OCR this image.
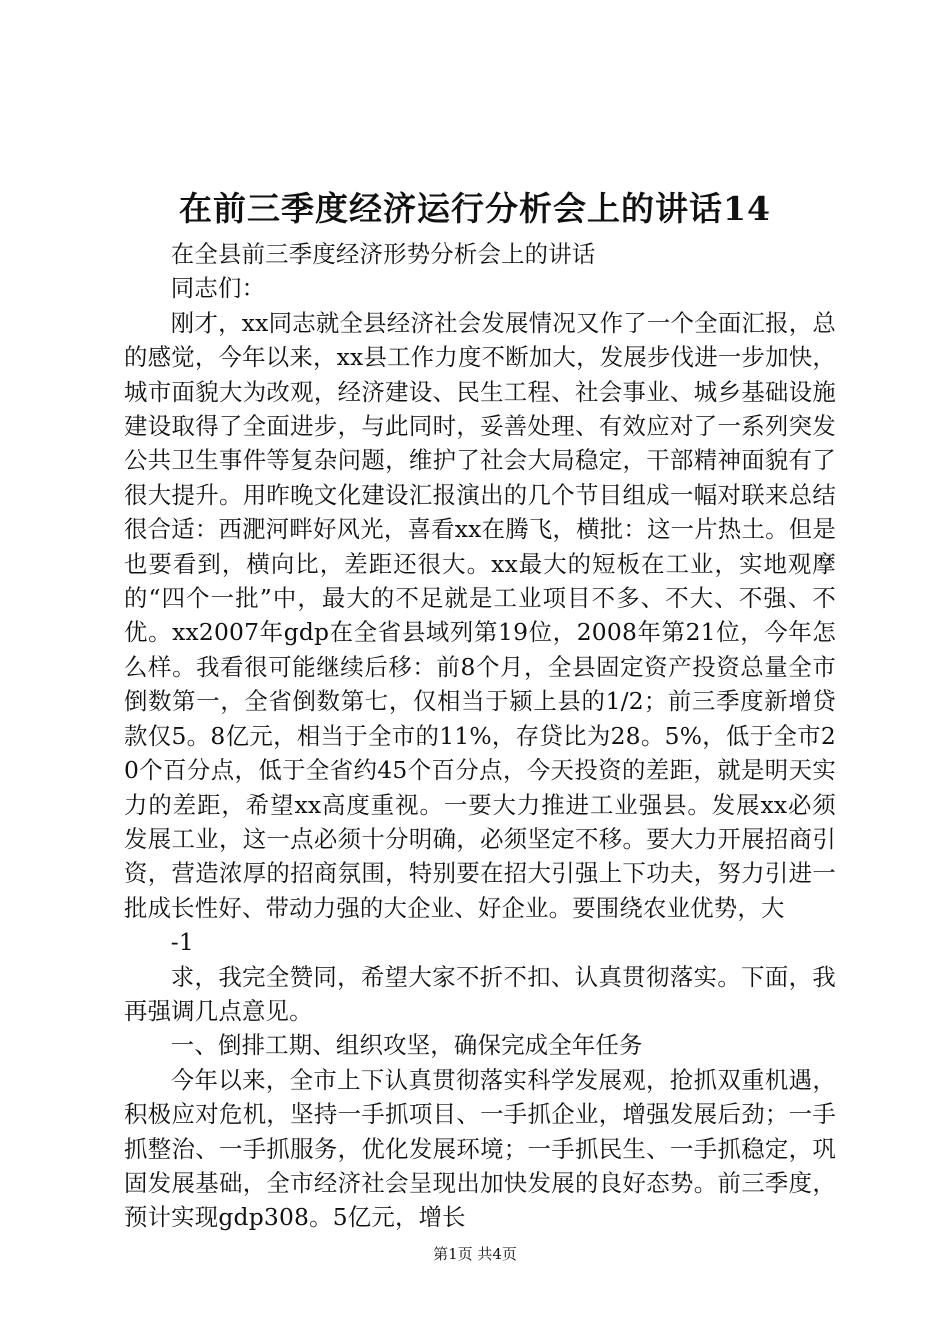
在前三季度经济运行分析会上的讲话14

在全县前三季度经济形势分析会上的讲话

同志们：

刚才，xx同志就全县经济社会发展情况又作了一个全面汇报，总的感觉，今年以来，xx县工作力度不断加大，发展步伐进一步加快，城市面貌大为改观，经济建设、民生工程、社会事业、城乡基础设施建设取得了全面进步，与此同时，妥善处理、有效应对了一系列突发公共卫生事件等复杂问题，维护了社会大局稳定，干部精神面貌有了很大提升。用昨晚文化建设汇报演出的几个节目组成一幅对联来总结很合适：西淝河畔好风光，喜看xx在腾飞，横批：这一片热土。但是也要看到，横向比，差距还很大。xx最大的短板在工业，实地观摩的“四个一批”中，最大的不足就是工业项目不多、不大、不强、不优。xx2007年gdp在全省县域列第19位，2008年第21位，今年怎么样。我看很可能继续后移：前8个月，全县固定资产投资总量全市倒数第一，全省倒数第七，仅相当于颍上县的1/2；前三季度新增贷款仅5。8亿元，相当于全市的11%，存贷比为28。5%，低于全市20个百分点，低于全省约45个百分点，今天投资的差距，就是明天实力的差距，希望xx高度重视。一要大力推进工业强县。发展xx必须发展工业，这一点必须十分明确，必须坚定不移。要大力开展招商引资，营造浓厚的招商氛围，特别要在招大引强上下功夫，努力引进一批成长性好、带动力强的大企业、好企业。要围绕农业优势，大

-1

求，我完全赞同，希望大家不折不扣、认真贯彻落实。下面，我再强调几点意见。

一、倒排工期、组织攻坚，确保完成全年任务

今年以来，全市上下认真贯彻落实科学发展观，抢抓双重机遇，积极应对危机，坚持一手抓项目、一手抓企业，增强发展后劲；一手抓整治、一手抓服务，优化发展环境；一手抓民生、一手抓稳定，巩固发展基础，全市经济社会呈现出加快发展的良好态势。前三季度，预计实现gdp308。5亿元，增长

第1页 共4页
